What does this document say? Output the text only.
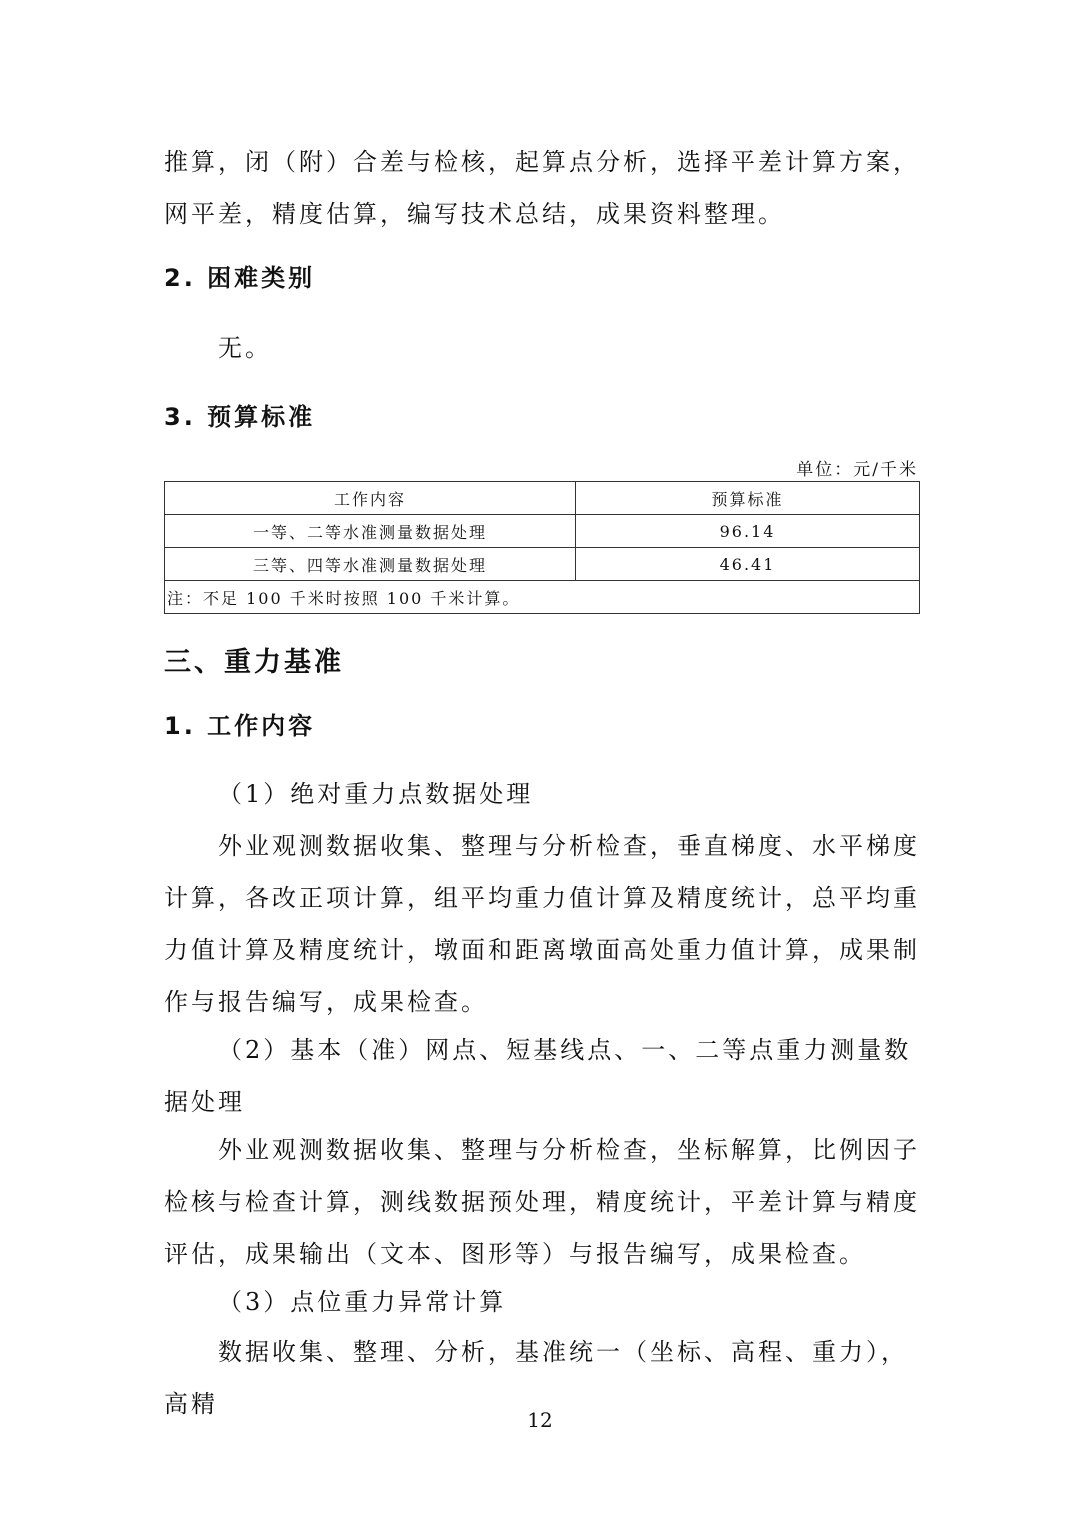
推算，闭（附）合差与检核，起算点分析，选择平差计算方案，网平差，精度估算，编写技术总结，成果资料整理。

2. 困难类别

无。

3. 预算标准
单位：元/千米
工作内容	预算标准
一等、二等水准测量数据处理	96.14
三等、四等水准测量数据处理	46.41
注：不足 100 千米时按照 100 千米计算。	
三、重力基准
1. 工作内容

（1）绝对重力点数据处理

外业观测数据收集、整理与分析检查，垂直梯度、水平梯度计算，各改正项计算，组平均重力值计算及精度统计，总平均重力值计算及精度统计，墩面和距离墩面高处重力值计算，成果制作与报告编写，成果检查。

（2）基本（准）网点、短基线点、一、二等点重力测量数据处理

外业观测数据收集、整理与分析检查，坐标解算，比例因子检核与检查计算，测线数据预处理，精度统计，平差计算与精度评估，成果输出（文本、图形等）与报告编写，成果检查。

（3）点位重力异常计算

数据收集、整理、分析，基准统一（坐标、高程、重力），高精

12
